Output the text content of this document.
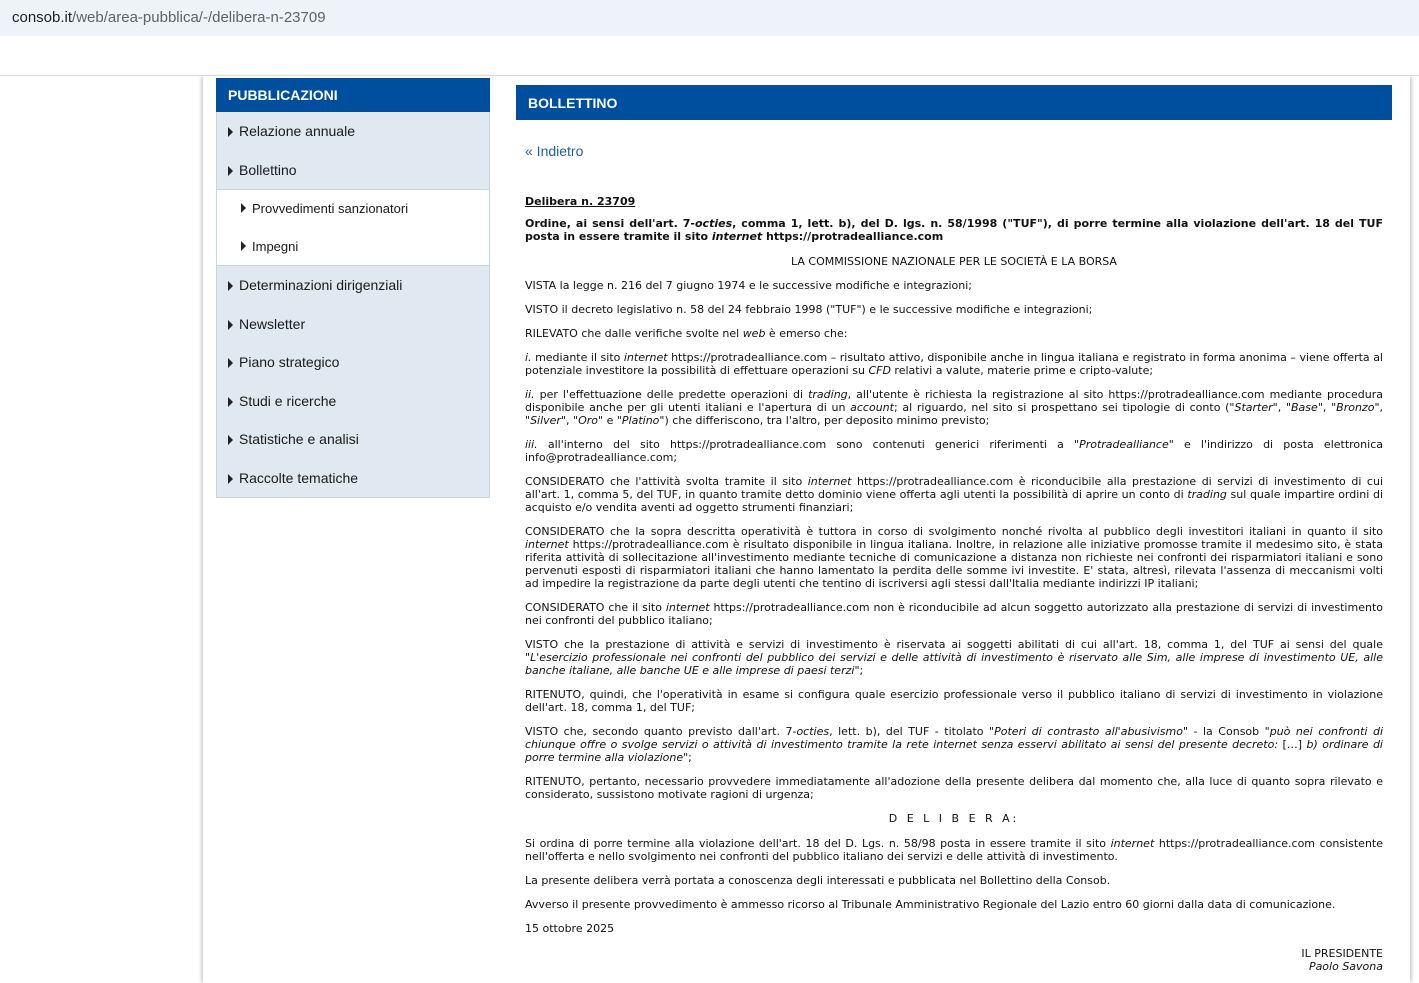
consob.it/web/area-pubblica/-/delibera-n-23709
PUBBLICAZIONI
Relazione annuale
Bollettino
Provvedimenti sanzionatori
Impegni
Determinazioni dirigenziali
Newsletter
Piano strategico
Studi e ricerche
Statistiche e analisi
Raccolte tematiche
BOLLETTINO
« Indietro

Delibera n. 23709

Ordine, ai sensi dell'art. 7-octies, comma 1, lett. b), del D. lgs. n. 58/1998 ("TUF"), di porre termine alla violazione dell'art. 18 del TUF posta in essere tramite il sito internet https://protradealliance.com

LA COMMISSIONE NAZIONALE PER LE SOCIETÀ E LA BORSA

VISTA la legge n. 216 del 7 giugno 1974 e le successive modifiche e integrazioni;

VISTO il decreto legislativo n. 58 del 24 febbraio 1998 ("TUF") e le successive modifiche e integrazioni;

RILEVATO che dalle verifiche svolte nel web è emerso che:

i. mediante il sito internet https://protradealliance.com – risultato attivo, disponibile anche in lingua italiana e registrato in forma anonima – viene offerta al potenziale investitore la possibilità di effettuare operazioni su CFD relativi a valute, materie prime e cripto-valute;

ii. per l'effettuazione delle predette operazioni di trading, all'utente è richiesta la registrazione al sito https://protradealliance.com mediante procedura disponibile anche per gli utenti italiani e l'apertura di un account; al riguardo, nel sito si prospettano sei tipologie di conto ("Starter", "Base", "Bronzo", "Silver", "Oro" e "Platino") che differiscono, tra l'altro, per deposito minimo previsto;

iii. all'interno del sito https://protradealliance.com sono contenuti generici riferimenti a "Protradealliance" e l'indirizzo di posta elettronica info@protradealliance.com;

CONSIDERATO che l'attività svolta tramite il sito internet https://protradealliance.com è riconducibile alla prestazione di servizi di investimento di cui all'art. 1, comma 5, del TUF, in quanto tramite detto dominio viene offerta agli utenti la possibilità di aprire un conto di trading sul quale impartire ordini di acquisto e/o vendita aventi ad oggetto strumenti finanziari;

CONSIDERATO che la sopra descritta operatività è tuttora in corso di svolgimento nonché rivolta al pubblico degli investitori italiani in quanto il sito internet https://protradealliance.com è risultato disponibile in lingua italiana. Inoltre, in relazione alle iniziative promosse tramite il medesimo sito, è stata riferita attività di sollecitazione all'investimento mediante tecniche di comunicazione a distanza non richieste nei confronti dei risparmiatori italiani e sono pervenuti esposti di risparmiatori italiani che hanno lamentato la perdita delle somme ivi investite. E' stata, altresì, rilevata l'assenza di meccanismi volti ad impedire la registrazione da parte degli utenti che tentino di iscriversi agli stessi dall'Italia mediante indirizzi IP italiani;

CONSIDERATO che il sito internet https://protradealliance.com non è riconducibile ad alcun soggetto autorizzato alla prestazione di servizi di investimento nei confronti del pubblico italiano;

VISTO che la prestazione di attività e servizi di investimento è riservata ai soggetti abilitati di cui all'art. 18, comma 1, del TUF ai sensi del quale "L'esercizio professionale nei confronti del pubblico dei servizi e delle attività di investimento è riservato alle Sim, alle imprese di investimento UE, alle banche italiane, alle banche UE e alle imprese di paesi terzi";

RITENUTO, quindi, che l'operatività in esame si configura quale esercizio professionale verso il pubblico italiano di servizi di investimento in violazione dell'art. 18, comma 1, del TUF;

VISTO che, secondo quanto previsto dall'art. 7-octies, lett. b), del TUF - titolato "Poteri di contrasto all'abusivismo" - la Consob "può nei confronti di chiunque offre o svolge servizi o attività di investimento tramite la rete internet senza esservi abilitato ai sensi del presente decreto: […] b) ordinare di porre termine alla violazione";

RITENUTO, pertanto, necessario provvedere immediatamente all'adozione della presente delibera dal momento che, alla luce di quanto sopra rilevato e considerato, sussistono motivate ragioni di urgenza;

D E L I B E R A:

Si ordina di porre termine alla violazione dell'art. 18 del D. Lgs. n. 58/98 posta in essere tramite il sito internet https://protradealliance.com consistente nell'offerta e nello svolgimento nei confronti del pubblico italiano dei servizi e delle attività di investimento.

La presente delibera verrà portata a conoscenza degli interessati e pubblicata nel Bollettino della Consob.

Avverso il presente provvedimento è ammesso ricorso al Tribunale Amministrativo Regionale del Lazio entro 60 giorni dalla data di comunicazione.

15 ottobre 2025

IL PRESIDENTE

Paolo Savona
